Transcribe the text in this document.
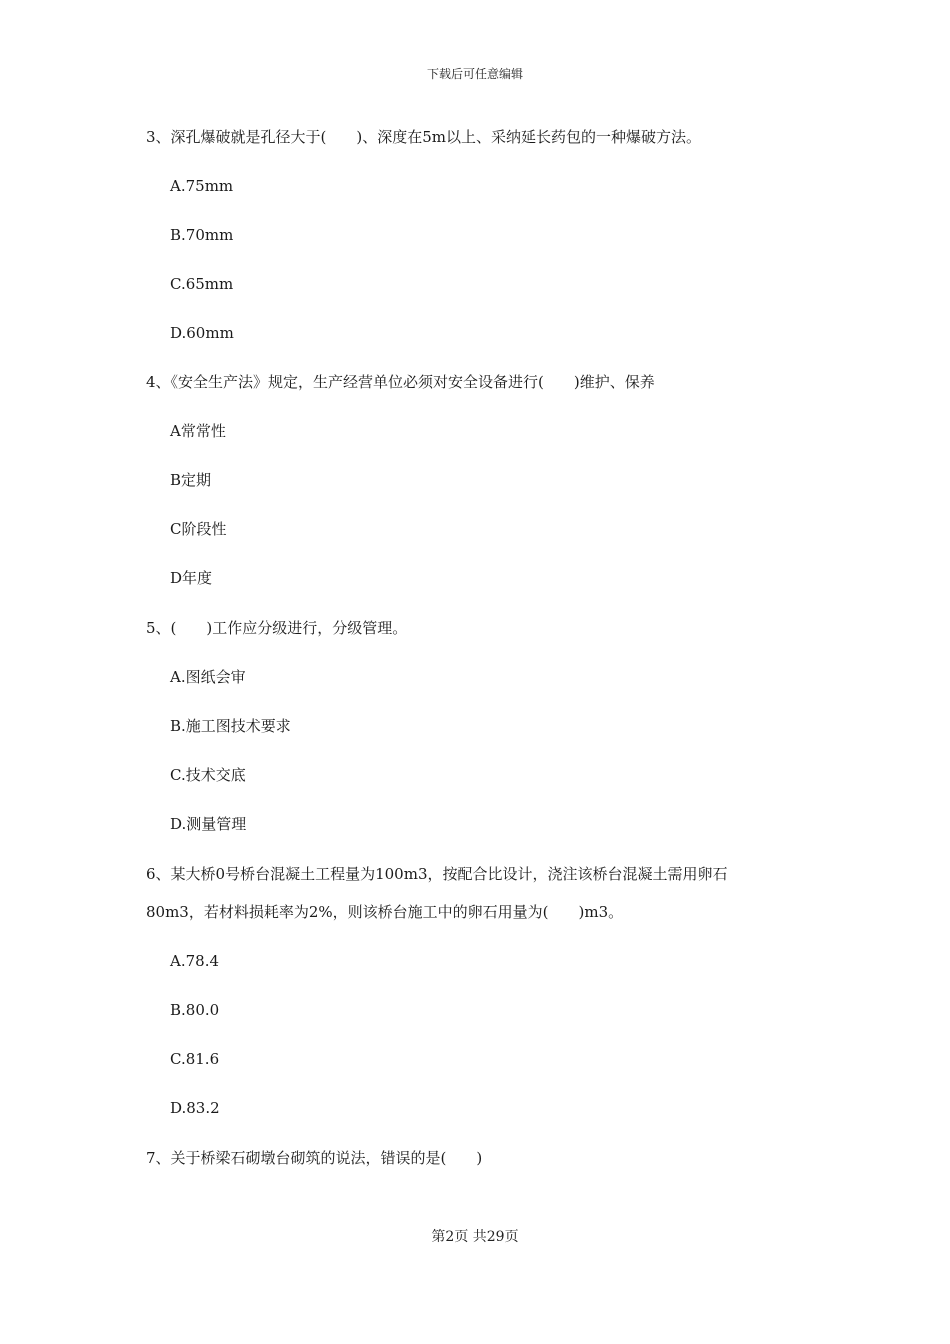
下载后可任意编辑
3、深孔爆破就是孔径大于(　　)、深度在5m以上、采纳延长药包的一种爆破方法。
A.75mm
B.70mm
C.65mm
D.60mm
4、《安全生产法》规定，生产经营单位必须对安全设备进行(　　)维护、保养
A常常性
B定期
C阶段性
D年度
5、(　　)工作应分级进行，分级管理。
A.图纸会审
B.施工图技术要求
C.技术交底
D.测量管理
6、某大桥0号桥台混凝土工程量为100m3，按配合比设计，浇注该桥台混凝土需用卵石
80m3，若材料损耗率为2%，则该桥台施工中的卵石用量为(　　)m3。
A.78.4
B.80.0
C.81.6
D.83.2
7、关于桥梁石砌墩台砌筑的说法，错误的是(　　)
第2页 共29页
